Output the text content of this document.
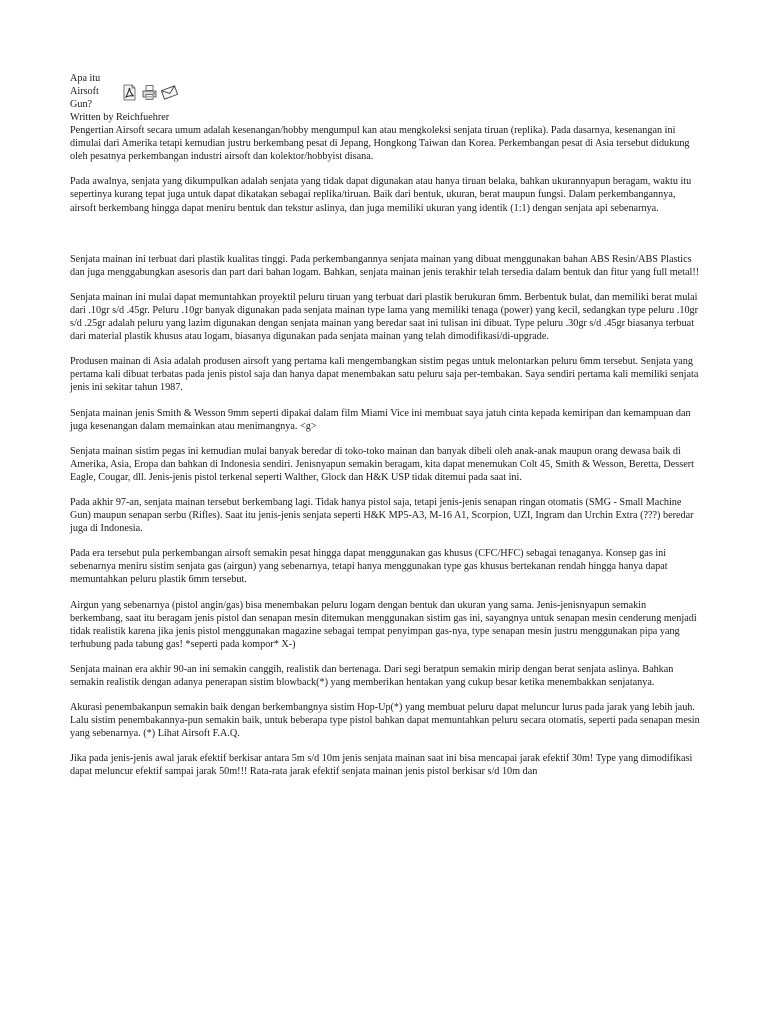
Apa itu
Airsoft
Gun?
Written by Reichfuehrer

Pengertian Airsoft secara umum adalah kesenangan/hobby mengumpul kan atau mengkoleksi senjata tiruan (replika). Pada dasarnya, kesenangan ini dimulai dari Amerika tetapi kemudian justru berkembang pesat di Jepang, Hongkong Taiwan dan Korea. Perkembangan pesat di Asia tersebut didukung oleh pesatnya perkembangan industri airsoft dan kolektor/hobbyist disana.

Pada awalnya, senjata yang dikumpulkan adalah senjata yang tidak dapat digunakan atau hanya tiruan belaka, bahkan ukurannyapun beragam, waktu itu sepertinya kurang tepat juga untuk dapat dikatakan sebagai replika/tiruan. Baik dari bentuk, ukuran, berat maupun fungsi. Dalam perkembangannya, airsoft berkembang hingga dapat meniru bentuk dan tekstur aslinya, dan juga memiliki ukuran yang identik (1:1) dengan senjata api sebenarnya.

Senjata mainan ini terbuat dari plastik kualitas tinggi. Pada perkembangannya senjata mainan yang dibuat menggunakan bahan ABS Resin/ABS Plastics dan juga menggabungkan asesoris dan part dari bahan logam. Bahkan, senjata mainan jenis terakhir telah tersedia dalam bentuk dan fitur yang full metal!!

Senjata mainan ini mulai dapat memuntahkan proyektil peluru tiruan yang terbuat dari plastik berukuran 6mm. Berbentuk bulat, dan memiliki berat mulai dari .10gr s/d .45gr. Peluru .10gr banyak digunakan pada senjata mainan type lama yang memiliki tenaga (power) yang kecil, sedangkan type peluru .10gr s/d .25gr adalah peluru yang lazim digunakan dengan senjata mainan yang beredar saat ini tulisan ini dibuat. Type peluru .30gr s/d .45gr biasanya terbuat dari material plastik khusus atau logam, biasanya digunakan pada senjata mainan yang telah dimodifikasi/di-upgrade.

Produsen mainan di Asia adalah produsen airsoft yang pertama kali mengembangkan sistim pegas untuk melontarkan peluru 6mm tersebut. Senjata yang pertama kali dibuat terbatas pada jenis pistol saja dan hanya dapat menembakan satu peluru saja per-tembakan. Saya sendiri pertama kali memiliki senjata jenis ini sekitar tahun 1987.

Senjata mainan jenis Smith & Wesson 9mm seperti dipakai dalam film Miami Vice ini membuat saya jatuh cinta kepada kemiripan dan kemampuan dan juga kesenangan dalam memainkan atau menimangnya. <g>

Senjata mainan sistim pegas ini kemudian mulai banyak beredar di toko-toko mainan dan banyak dibeli oleh anak-anak maupun orang dewasa baik di Amerika, Asia, Eropa dan bahkan di Indonesia sendiri. Jenisnyapun semakin beragam, kita dapat menemukan Colt 45, Smith & Wesson, Beretta, Dessert Eagle, Cougar, dll. Jenis-jenis pistol terkenal seperti Walther, Glock dan H&K USP tidak ditemui pada saat ini.

Pada akhir 97-an, senjata mainan tersebut berkembang lagi. Tidak hanya pistol saja, tetapi jenis-jenis senapan ringan otomatis (SMG - Small Machine Gun) maupun senapan serbu (Rifles). Saat itu jenis-jenis senjata seperti H&K MP5-A3, M-16 A1, Scorpion, UZI, Ingram dan Urchin Extra (???) beredar juga di Indonesia.

Pada era tersebut pula perkembangan airsoft semakin pesat hingga dapat menggunakan gas khusus (CFC/HFC) sebagai tenaganya. Konsep gas ini sebenarnya meniru sistim senjata gas (airgun) yang sebenarnya, tetapi hanya menggunakan type gas khusus bertekanan rendah hingga hanya dapat memuntahkan peluru plastik 6mm tersebut.

Airgun yang sebenarnya (pistol angin/gas) bisa menembakan peluru logam dengan bentuk dan ukuran yang sama. Jenis-jenisnyapun semakin berkembang, saat itu beragam jenis pistol dan senapan mesin ditemukan menggunakan sistim gas ini, sayangnya untuk senapan mesin cenderung menjadi tidak realistik karena jika jenis pistol menggunakan magazine sebagai tempat penyimpan gas-nya, type senapan mesin justru menggunakan pipa yang terhubung pada tabung gas! *seperti pada kompor* X-)

Senjata mainan era akhir 90-an ini semakin canggih, realistik dan bertenaga. Dari segi beratpun semakin mirip dengan berat senjata aslinya. Bahkan semakin realistik dengan adanya penerapan sistim blowback(*) yang memberikan hentakan yang cukup besar ketika menembakkan senjatanya.

Akurasi penembakanpun semakin baik dengan berkembangnya sistim Hop-Up(*) yang membuat peluru dapat meluncur lurus pada jarak yang lebih jauh. Lalu sistim penembakannya-pun semakin baik, untuk beberapa type pistol bahkan dapat memuntahkan peluru secara otomatis, seperti pada senapan mesin yang sebenarnya. (*) Lihat Airsoft F.A.Q.

Jika pada jenis-jenis awal jarak efektif berkisar antara 5m s/d 10m jenis senjata mainan saat ini bisa mencapai jarak efektif 30m! Type yang dimodifikasi dapat meluncur efektif sampai jarak 50m!!! Rata-rata jarak efektif senjata mainan jenis pistol berkisar s/d 10m dan
